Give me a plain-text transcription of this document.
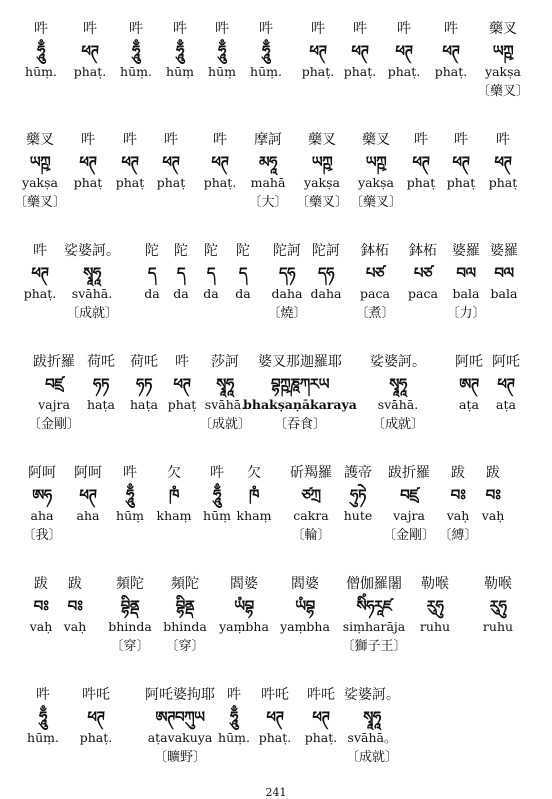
吽
ཧཱུྃ
hūṃ.
吽
ཕཊ
phaṭ.
吽
ཧཱུྃ
hūṃ.
吽
ཧཱུྃ
hūṃ
吽
ཧཱུྃ
hūṃ
吽
ཧཱུྃ
hūṃ.
吽
ཕཊ
phaṭ.
吽
ཕཊ
phaṭ.
吽
ཕཊ
phaṭ.
吽
ཕཊ
phaṭ.
藥叉
ཡཀྵ
yakṣa
〔藥叉〕
藥叉
ཡཀྵ
yakṣa
〔藥叉〕
吽
ཕཊ
phaṭ
吽
ཕཊ
phaṭ
吽
ཕཊ
phaṭ
吽
ཕཊ
phaṭ.
摩訶
མཧཱ
mahā
〔大〕
藥叉
ཡཀྵ
yakṣa
〔藥叉〕
藥叉
ཡཀྵ
yakṣa
〔藥叉〕
吽
ཕཊ
phaṭ
吽
ཕཊ
phaṭ
吽
ཕཊ
phaṭ
吽
ཕཊ
phaṭ.
娑婆訶。
སྭཱཧཱ
svāhā.
〔成就〕
陀
ད
da
陀
ད
da
陀
ད
da
陀
ད
da
陀訶
དཧ
daha
〔燒〕
陀訶
དཧ
daha
鉢柘
པཙ
paca
〔煮〕
鉢柘
པཙ
paca
婆羅
བལ
bala
〔力〕
婆羅
བལ
bala
跋折羅
བཛྲ
vajra
〔金剛〕
荷吒
ཧཏ
haṭa
荷吒
ཧཏ
haṭa
吽
ཕཊ
phaṭ
莎訶
སྭཱཧཱ
svāhā.
〔成就〕
婆叉那迦羅耶
བྷཀྵཎཱཀརཡ
bhakṣaṇākaraya
〔吞食〕
娑婆訶。
སྭཱཧཱ
svāhā.
〔成就〕
阿吒
ཨཊ
aṭa
阿吒
ཕཊ
aṭa
阿呵
ཨཧ
aha
〔我〕
阿呵
ཕཊ
aha
吽
ཧཱུྃ
hūṃ
欠
ཁཾ
khaṃ
吽
ཧཱུྃ
hūṃ
欠
ཁཾ
khaṃ
斫羯羅
ཙཀྲ
cakra
〔輪〕
護帝
ཧུཏེ
hute
跋折羅
བཛྲ
vajra
〔金剛〕
跋
བཿ
vaḥ
〔縛〕
跋
བཿ
vaḥ
跋
བཿ
vaḥ
跋
བཿ
vaḥ
頻陀
བྷིནྡ
bhinda
〔穿〕
頻陀
བྷིནྡ
bhinda
〔穿〕
閻婆
ཡཾབྷ
yaṃbha
閻婆
ཡཾབྷ
yaṃbha
僧伽羅闍
སིཾཧརཱཛ
siṃharāja
〔獅子王〕
勒喉
རུཧུ
ruhu
勒喉
རུཧུ
ruhu
吽
ཧཱུྃ
hūṃ.
吽吒
ཕཊ
phaṭ.
阿吒婆拘耶
ཨཊབཀུཡ
aṭavakuya
〔曠野〕
吽
ཧཱུྃ
hūṃ.
吽吒
ཕཊ
phaṭ.
吽吒
ཕཊ
phaṭ.
娑婆訶。
སྭཱཧཱ
svāhā。
〔成就〕
241
